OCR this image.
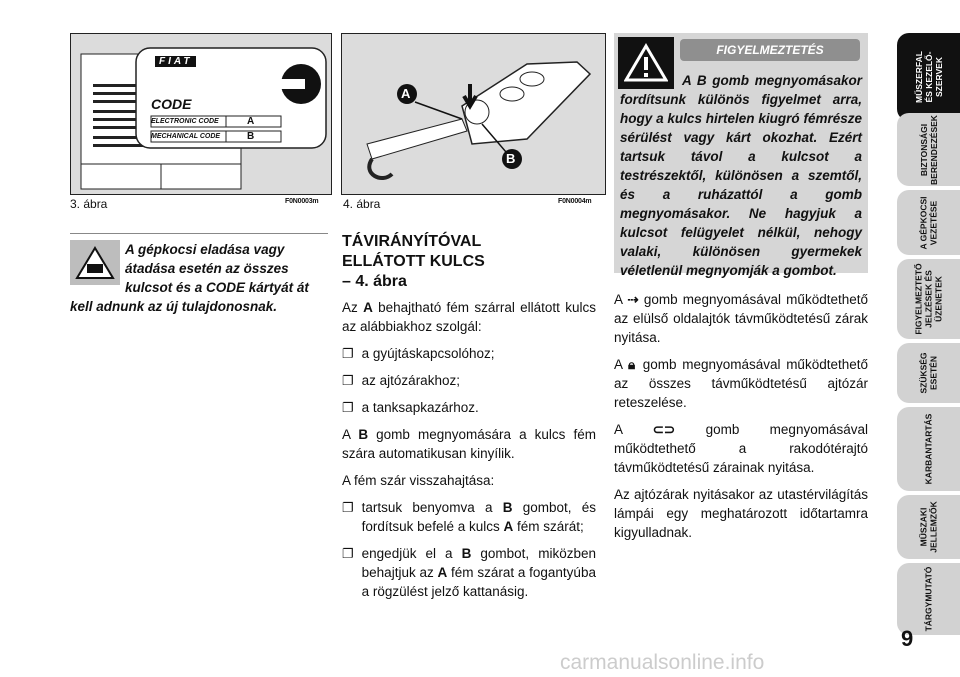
FIAT
CODE
ELECTRONIC CODE	A
MECHANICAL CODE	B
3. ábra	F0N0003m
A
B
4. ábra	F0N0004m
A gépkocsi eladása vagy átadása esetén az összes kulcsot és a CODE kártyát át kell adnunk az új tulajdonosnak.
TÁVIRÁNYÍTÓVAL
ELLÁTOTT KULCS
– 4. ábra

Az A behajtható fém szárral ellátott kulcs az alábbiakhoz szolgál:

❐ a gyújtáskapcsolóhoz;
❐ az ajtózárakhoz;
❐ a tanksapkazárhoz.

A B gomb megnyomására a kulcs fém szára automatikusan kinyílik.

A fém szár visszahajtása:

❐ tartsuk benyomva a B gombot, és fordítsuk befelé a kulcs A fém szárát;
❐ engedjük el a B gombot, miközben behajtjuk az A fém szárat a fogantyúba a rögzülést jelző kattanásig.
FIGYELMEZTETÉS
A B gomb megnyomásakor fordítsunk különös figyelmet arra, hogy a kulcs hirtelen kiugró fémrésze sérülést vagy kárt okozhat. Ezért tartsuk távol a kulcsot a testrészektől, különösen a szemtől, és a ruházattól a gomb megnyomásakor. Ne hagyjuk a kulcsot felügyelet nélkül, nehogy valaki, különösen gyermekek véletlenül megnyomják a gombot.

A ⇢ gomb megnyomásával működtethető az elülső oldalajtók távműködtetésű zárak nyitása.

A 🔒︎ gomb megnyomásával működtethető az összes távműködtetésű ajtózár reteszelése.

A ⊂⊃ gomb megnyomásával működtethető a rakodótérajtó távműködtetésű zárainak nyitása.

Az ajtózárak nyitásakor az utastérvilágítás lámpái egy meghatározott időtartamra kigyulladnak.

MŰSZERFAL
ÉS KEZELŐ-
SZERVEK
BIZTONSÁGI
BERENDEZÉSEK
A GÉPKOCSI
VEZETÉSE
FIGYELMEZTETŐ
JELZÉSEK ÉS
ÜZENETEK
SZÜKSÉG
ESETÉN
KARBANTARTÁS
MŰSZAKI
JELLEMZŐK
TÁRGYMUTATÓ
9
carmanualsonline.info
